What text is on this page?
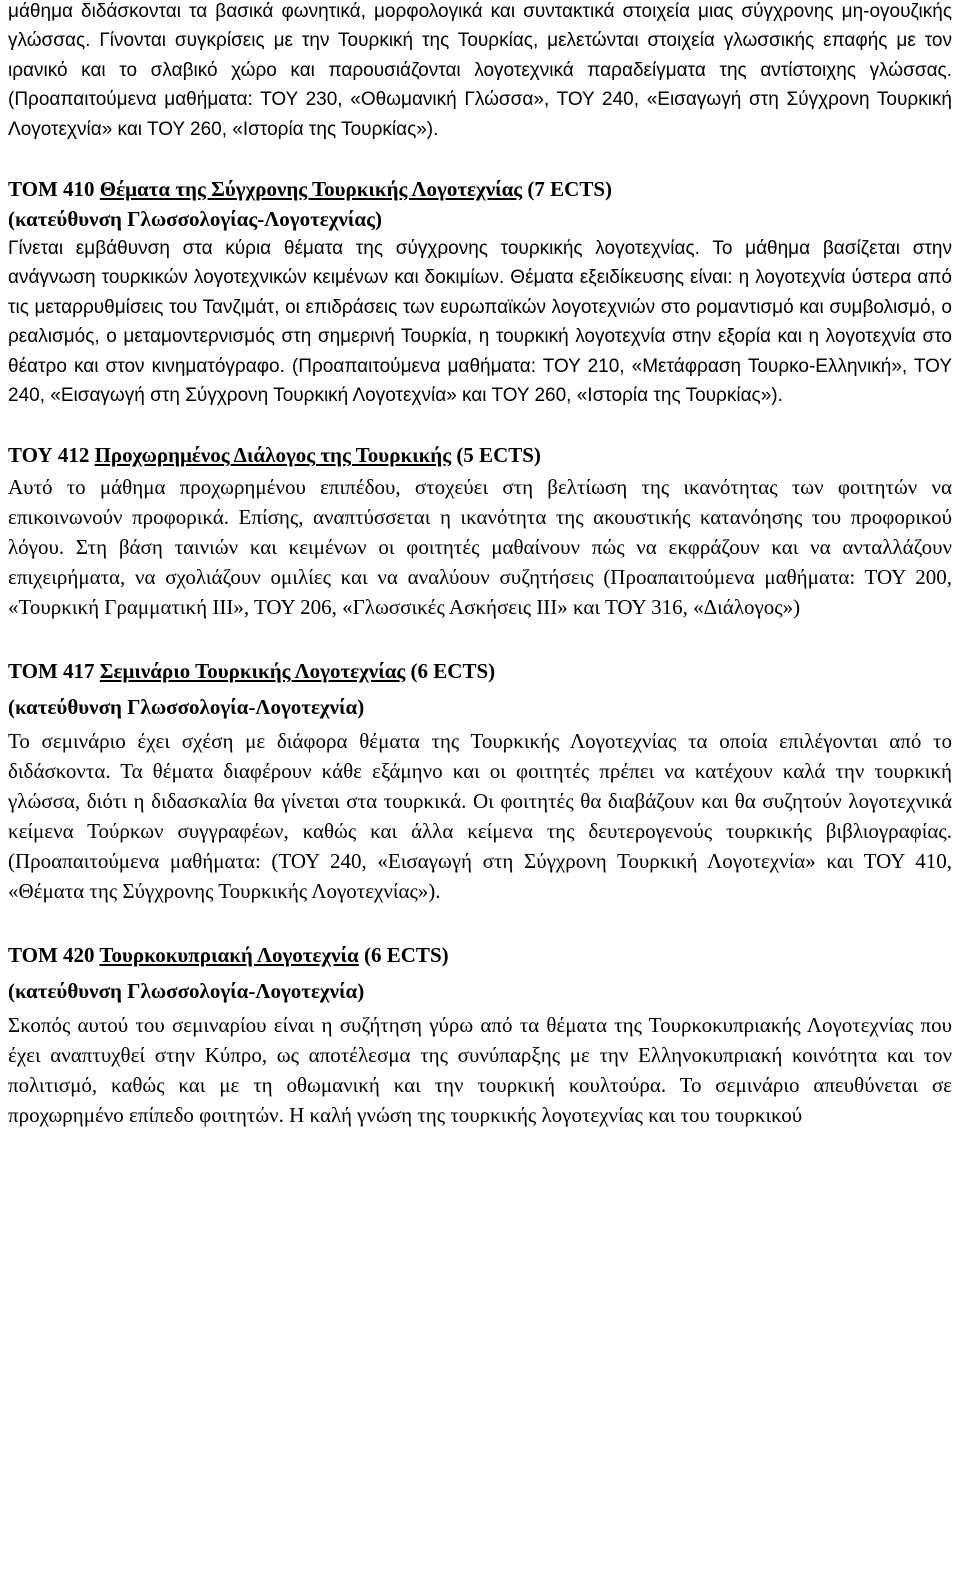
μάθημα διδάσκονται τα βασικά φωνητικά, μορφολογικά και συντακτικά στοιχεία μιας σύγχρονης μη-ογουζικής γλώσσας. Γίνονται συγκρίσεις με την Τουρκική της Τουρκίας, μελετώνται στοιχεία γλωσσικής επαφής με τον ιρανικό και το σλαβικό χώρο και παρουσιάζονται λογοτεχνικά παραδείγματα της αντίστοιχης γλώσσας. (Προαπαιτούμενα μαθήματα: ΤΟΥ 230, «Οθωμανική Γλώσσα», ΤΟΥ 240, «Εισαγωγή στη Σύγχρονη Τουρκική Λογοτεχνία» και ΤΟΥ 260, «Ιστορία της Τουρκίας»).

ΤΟΜ 410 Θέματα της Σύγχρονης Τουρκικής Λογοτεχνίας (7 ECTS)

(κατεύθυνση Γλωσσολογίας-Λογοτεχνίας)

Γίνεται εμβάθυνση στα κύρια θέματα της σύγχρονης τουρκικής λογοτεχνίας. Το μάθημα βασίζεται στην ανάγνωση τουρκικών λογοτεχνικών κειμένων και δοκιμίων. Θέματα εξειδίκευσης είναι: η λογοτεχνία ύστερα από τις μεταρρυθμίσεις του Τανζιμάτ, οι επιδράσεις των ευρωπαϊκών λογοτεχνιών στο ρομαντισμό και συμβολισμό, ο ρεαλισμός, ο μεταμοντερνισμός στη σημερινή Τουρκία, η τουρκική λογοτεχνία στην εξορία και η λογοτεχνία στο θέατρο και στον κινηματόγραφο. (Προαπαιτούμενα μαθήματα: ΤΟΥ 210, «Μετάφραση Τουρκο-Ελληνική», ΤΟΥ 240, «Εισαγωγή στη Σύγχρονη Τουρκική Λογοτεχνία» και ΤΟΥ 260, «Ιστορία της Τουρκίας»).

ΤΟΥ 412 Προχωρημένος Διάλογος της Τουρκικής (5 ECTS)

Αυτό το μάθημα προχωρημένου επιπέδου, στοχεύει στη βελτίωση της ικανότητας των φοιτητών να επικοινωνούν προφορικά. Επίσης, αναπτύσσεται η ικανότητα της ακουστικής κατανόησης του προφορικού λόγου. Στη βάση ταινιών και κειμένων οι φοιτητές μαθαίνουν πώς να εκφράζουν και να ανταλλάζουν επιχειρήματα, να σχολιάζουν ομιλίες και να αναλύουν συζητήσεις (Προαπαιτούμενα μαθήματα: ΤΟΥ 200, «Τουρκική Γραμματική ΙΙΙ», ΤΟΥ 206, «Γλωσσικές Ασκήσεις ΙΙΙ» και ΤΟΥ 316, «Διάλογος»)

ΤΟΜ 417 Σεμινάριο Τουρκικής Λογοτεχνίας (6 ECTS)

(κατεύθυνση Γλωσσολογία-Λογοτεχνία)

Το σεμινάριο έχει σχέση με διάφορα θέματα της Τουρκικής Λογοτεχνίας τα οποία επιλέγονται από το διδάσκοντα. Τα θέματα διαφέρουν κάθε εξάμηνο και οι φοιτητές πρέπει να κατέχουν καλά την τουρκική γλώσσα, διότι η διδασκαλία θα γίνεται στα τουρκικά. Οι φοιτητές θα διαβάζουν και θα συζητούν λογοτεχνικά κείμενα Τούρκων συγγραφέων, καθώς και άλλα κείμενα της δευτερογενούς τουρκικής βιβλιογραφίας. (Προαπαιτούμενα μαθήματα: (ΤΟΥ 240, «Εισαγωγή στη Σύγχρονη Τουρκική Λογοτεχνία» και ΤΟΥ 410, «Θέματα της Σύγχρονης Τουρκικής Λογοτεχνίας»).

ΤΟΜ 420 Τουρκοκυπριακή Λογοτεχνία (6 ECTS)

(κατεύθυνση Γλωσσολογία-Λογοτεχνία)

Σκοπός αυτού του σεμιναρίου είναι η συζήτηση γύρω από τα θέματα της Τουρκοκυπριακής Λογοτεχνίας που έχει αναπτυχθεί στην Κύπρο, ως αποτέλεσμα της συνύπαρξης με την Ελληνοκυπριακή κοινότητα και τον πολιτισμό, καθώς και με τη οθωμανική και την τουρκική κουλτούρα. Το σεμινάριο απευθύνεται σε προχωρημένο επίπεδο φοιτητών. Η καλή γνώση της τουρκικής λογοτεχνίας και του τουρκικού
